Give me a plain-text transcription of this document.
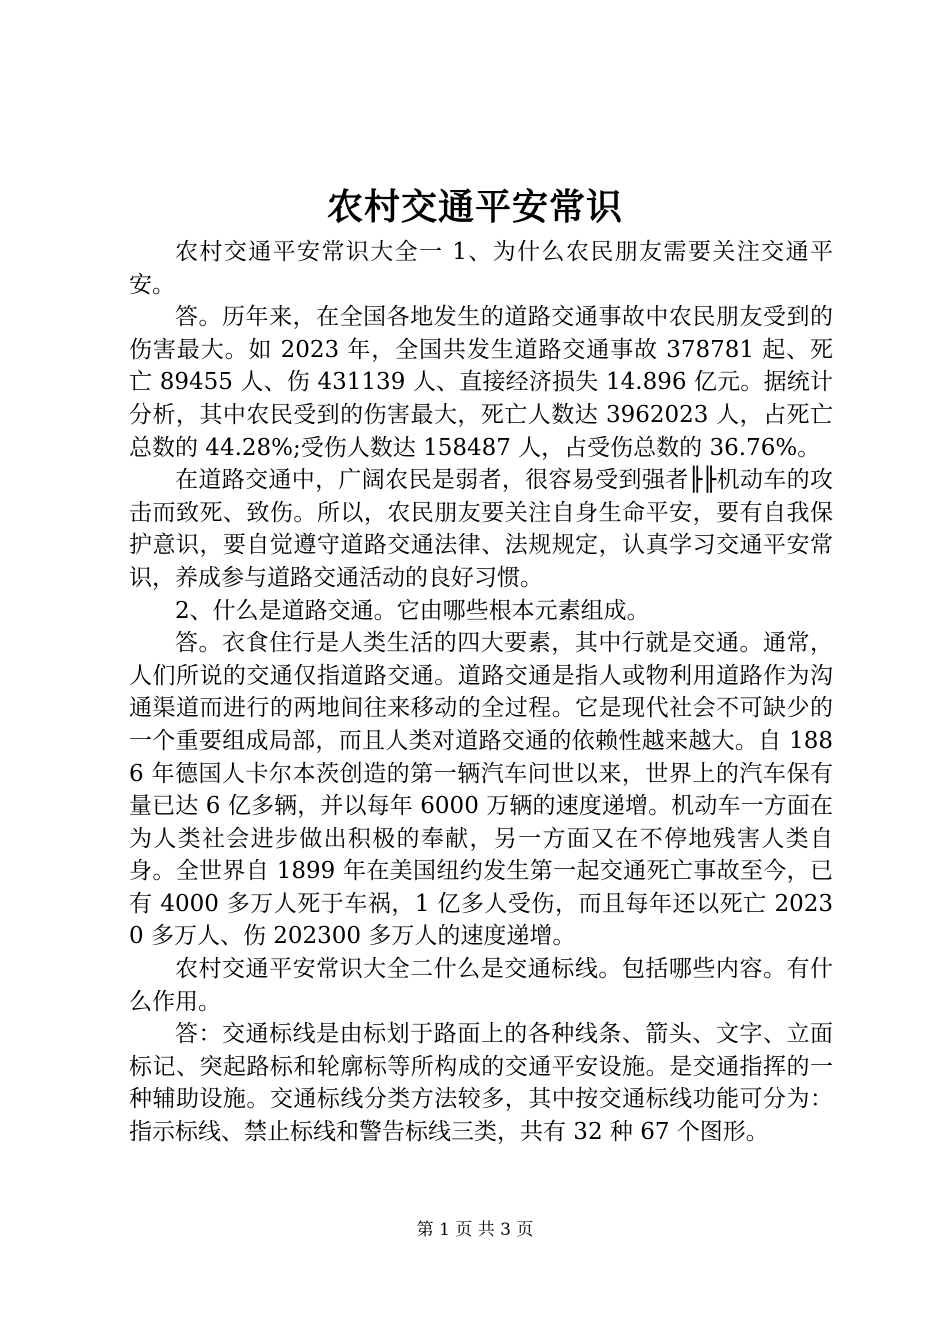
农村交通平安常识

农村交通平安常识大全一 1、为什么农民朋友需要关注交通平安。

答。历年来，在全国各地发生的道路交通事故中农民朋友受到的伤害最大。如 2023 年，全国共发生道路交通事故 378781 起、死亡 89455 人、伤 431139 人、直接经济损失 14.896 亿元。据统计分析，其中农民受到的伤害最大，死亡人数达 3962023 人，占死亡总数的 44.28%;受伤人数达 158487 人，占受伤总数的 36.76%。

在道路交通中，广阔农民是弱者，很容易受到强者╟╟机动车的攻击而致死、致伤。所以，农民朋友要关注自身生命平安，要有自我保护意识，要自觉遵守道路交通法律、法规规定，认真学习交通平安常识，养成参与道路交通活动的良好习惯。

2、什么是道路交通。它由哪些根本元素组成。

答。衣食住行是人类生活的四大要素，其中行就是交通。通常，人们所说的交通仅指道路交通。道路交通是指人或物利用道路作为沟通渠道而进行的两地间往来移动的全过程。它是现代社会不可缺少的一个重要组成局部，而且人类对道路交通的依赖性越来越大。自 1886 年德国人卡尔本茨创造的第一辆汽车问世以来，世界上的汽车保有量已达 6 亿多辆，并以每年 6000 万辆的速度递增。机动车一方面在为人类社会进步做出积极的奉献，另一方面又在不停地残害人类自身。全世界自 1899 年在美国纽约发生第一起交通死亡事故至今，已有 4000 多万人死于车祸，1 亿多人受伤，而且每年还以死亡 20230 多万人、伤 202300 多万人的速度递增。

农村交通平安常识大全二什么是交通标线。包括哪些内容。有什么作用。

答：交通标线是由标划于路面上的各种线条、箭头、文字、立面标记、突起路标和轮廓标等所构成的交通平安设施。是交通指挥的一种辅助设施。交通标线分类方法较多，其中按交通标线功能可分为：指示标线、禁止标线和警告标线三类，共有 32 种 67 个图形。

第 1 页 共 3 页
